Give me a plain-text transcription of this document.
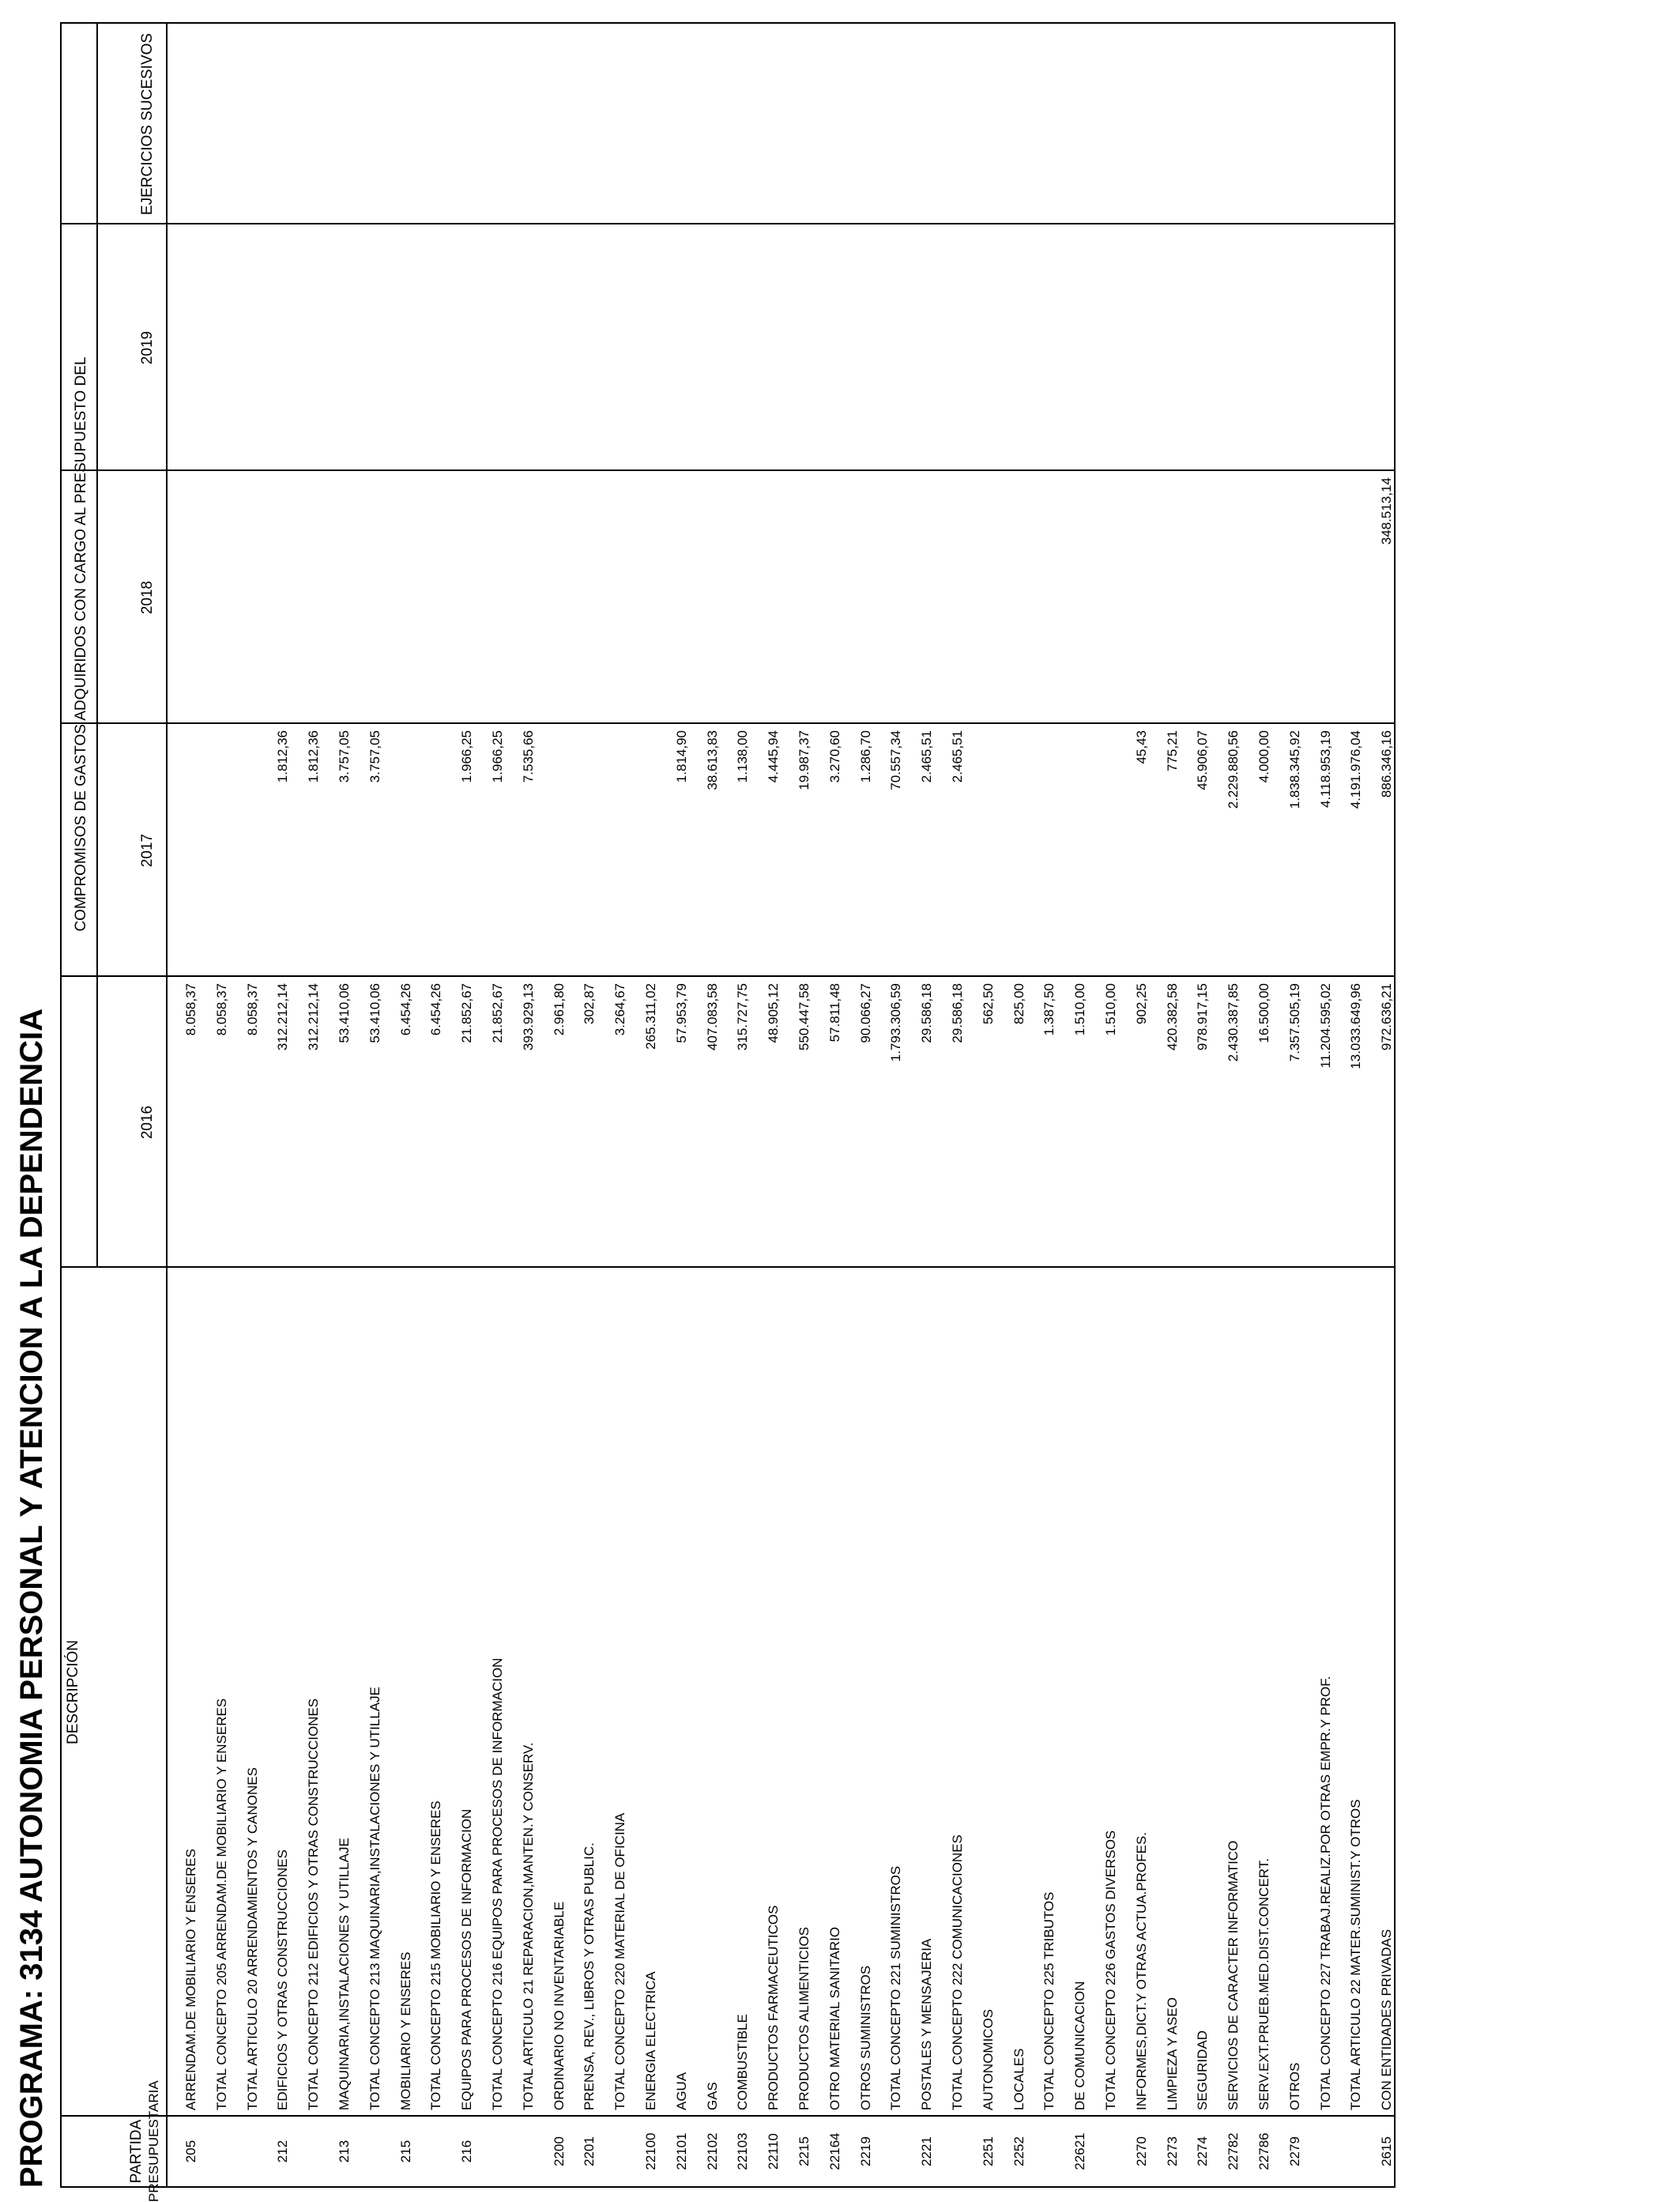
PROGRAMA: 3134 AUTONOMIA PERSONAL Y ATENCION A LA DEPENDENCIA	PARTIDA PRESUPUESTARIA
DESCRIPCIÓN
COMPROMISOS DE GASTOS ADQUIRIDOS CON CARGO AL PRESUPUESTO DEL
2016
2017
2018
2019
EJERCICIOS SUCESIVOS
205
ARRENDAM.DE MOBILIARIO Y ENSERES
8.058,37
TOTAL CONCEPTO 205 ARRENDAM.DE MOBILIARIO Y ENSERES
8.058,37
TOTAL ARTICULO 20 ARRENDAMIENTOS Y CANONES
8.058,37
212
EDIFICIOS Y OTRAS CONSTRUCCIONES
312.212,14
1.812,36
TOTAL CONCEPTO 212 EDIFICIOS Y OTRAS CONSTRUCCIONES
312.212,14
1.812,36
213
MAQUINARIA,INSTALACIONES Y UTILLAJE
53.410,06
3.757,05
TOTAL CONCEPTO 213 MAQUINARIA,INSTALACIONES Y UTILLAJE
53.410,06
3.757,05
215
MOBILIARIO Y ENSERES
6.454,26
TOTAL CONCEPTO 215 MOBILIARIO Y ENSERES
6.454,26
216
EQUIPOS PARA PROCESOS DE INFORMACION
21.852,67
1.966,25
TOTAL CONCEPTO 216 EQUIPOS PARA PROCESOS DE INFORMACION
21.852,67
1.966,25
TOTAL ARTICULO 21 REPARACION,MANTEN.Y CONSERV.
393.929,13
7.535,66
2200
ORDINARIO NO INVENTARIABLE
2.961,80
2201
PRENSA, REV., LIBROS Y OTRAS PUBLIC.
302,87
TOTAL CONCEPTO 220 MATERIAL DE OFICINA
3.264,67
22100
ENERGIA ELECTRICA
265.311,02
22101
AGUA
57.953,79
1.814,90
22102
GAS
407.083,58
38.613,83
22103
COMBUSTIBLE
315.727,75
1.138,00
22110
PRODUCTOS FARMACEUTICOS
48.905,12
4.445,94
2215
PRODUCTOS ALIMENTICIOS
550.447,58
19.987,37
22164
OTRO MATERIAL SANITARIO
57.811,48
3.270,60
2219
OTROS SUMINISTROS
90.066,27
1.286,70
TOTAL CONCEPTO 221 SUMINISTROS
1.793.306,59
70.557,34
2221
POSTALES Y MENSAJERIA
29.586,18
2.465,51
TOTAL CONCEPTO 222 COMUNICACIONES
29.586,18
2.465,51
2251
AUTONOMICOS
562,50
2252
LOCALES
825,00
TOTAL CONCEPTO 225 TRIBUTOS
1.387,50
22621
DE COMUNICACION
1.510,00
TOTAL CONCEPTO 226 GASTOS DIVERSOS
1.510,00
2270
INFORMES,DICT.Y OTRAS ACTUA.PROFES.
902,25
45,43
2273
LIMPIEZA Y ASEO
420.382,58
775,21
2274
SEGURIDAD
978.917,15
45.906,07
22782
SERVICIOS DE CARACTER INFORMATICO
2.430.387,85
2.229.880,56
22786
SERV.EXT.PRUEB.MED.DIST.CONCERT.
16.500,00
4.000,00
2279
OTROS
7.357.505,19
1.838.345,92
TOTAL CONCEPTO 227 TRABAJ.REALIZ.POR OTRAS EMPR.Y PROF.
11.204.595,02
4.118.953,19
TOTAL ARTICULO 22 MATER.SUMINIST.Y OTROS
13.033.649,96
4.191.976,04
2615
CON ENTIDADES PRIVADAS
972.636,21
886.346,16
348.513,14
